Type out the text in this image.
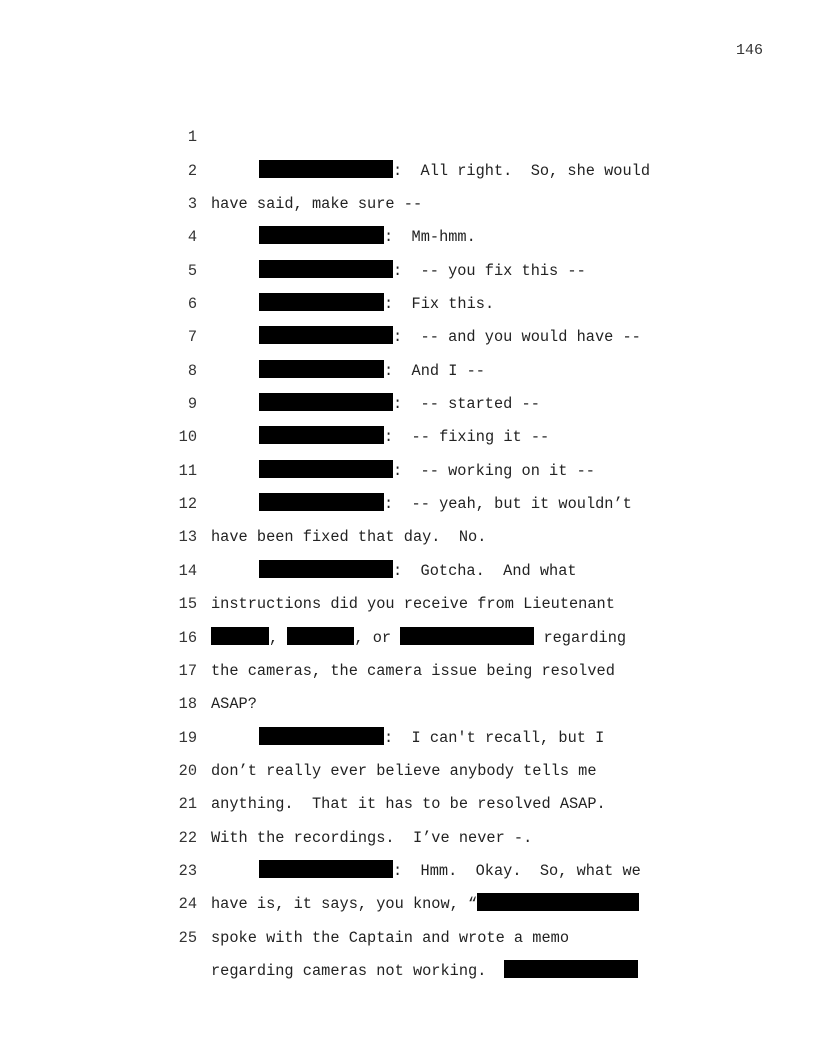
146

1

:  All right.  So, she would

2

have said, make sure --

3

:  Mm-hmm.

4

:  -- you fix this --

5

:  Fix this.

6

:  -- and you would have --

7

:  And I --

8

:  -- started --

9

:  -- fixing it --

10

:  -- working on it --

11

:  -- yeah, but it wouldn’t

12

have been fixed that day.  No.

13

:  Gotcha.  And what

14

instructions did you receive from Lieutenant

15

,	, or	regarding

16

the cameras, the camera issue being resolved

17

ASAP?

18

:  I can't recall, but I

19

don’t really ever believe anybody tells me

20

anything.  That it has to be resolved ASAP.

21

With the recordings.  I’ve never -.

22

:  Hmm.  Okay.  So, what we

23

have is, it says, you know, “

24

spoke with the Captain and wrote a memo

25

regarding cameras not working.
